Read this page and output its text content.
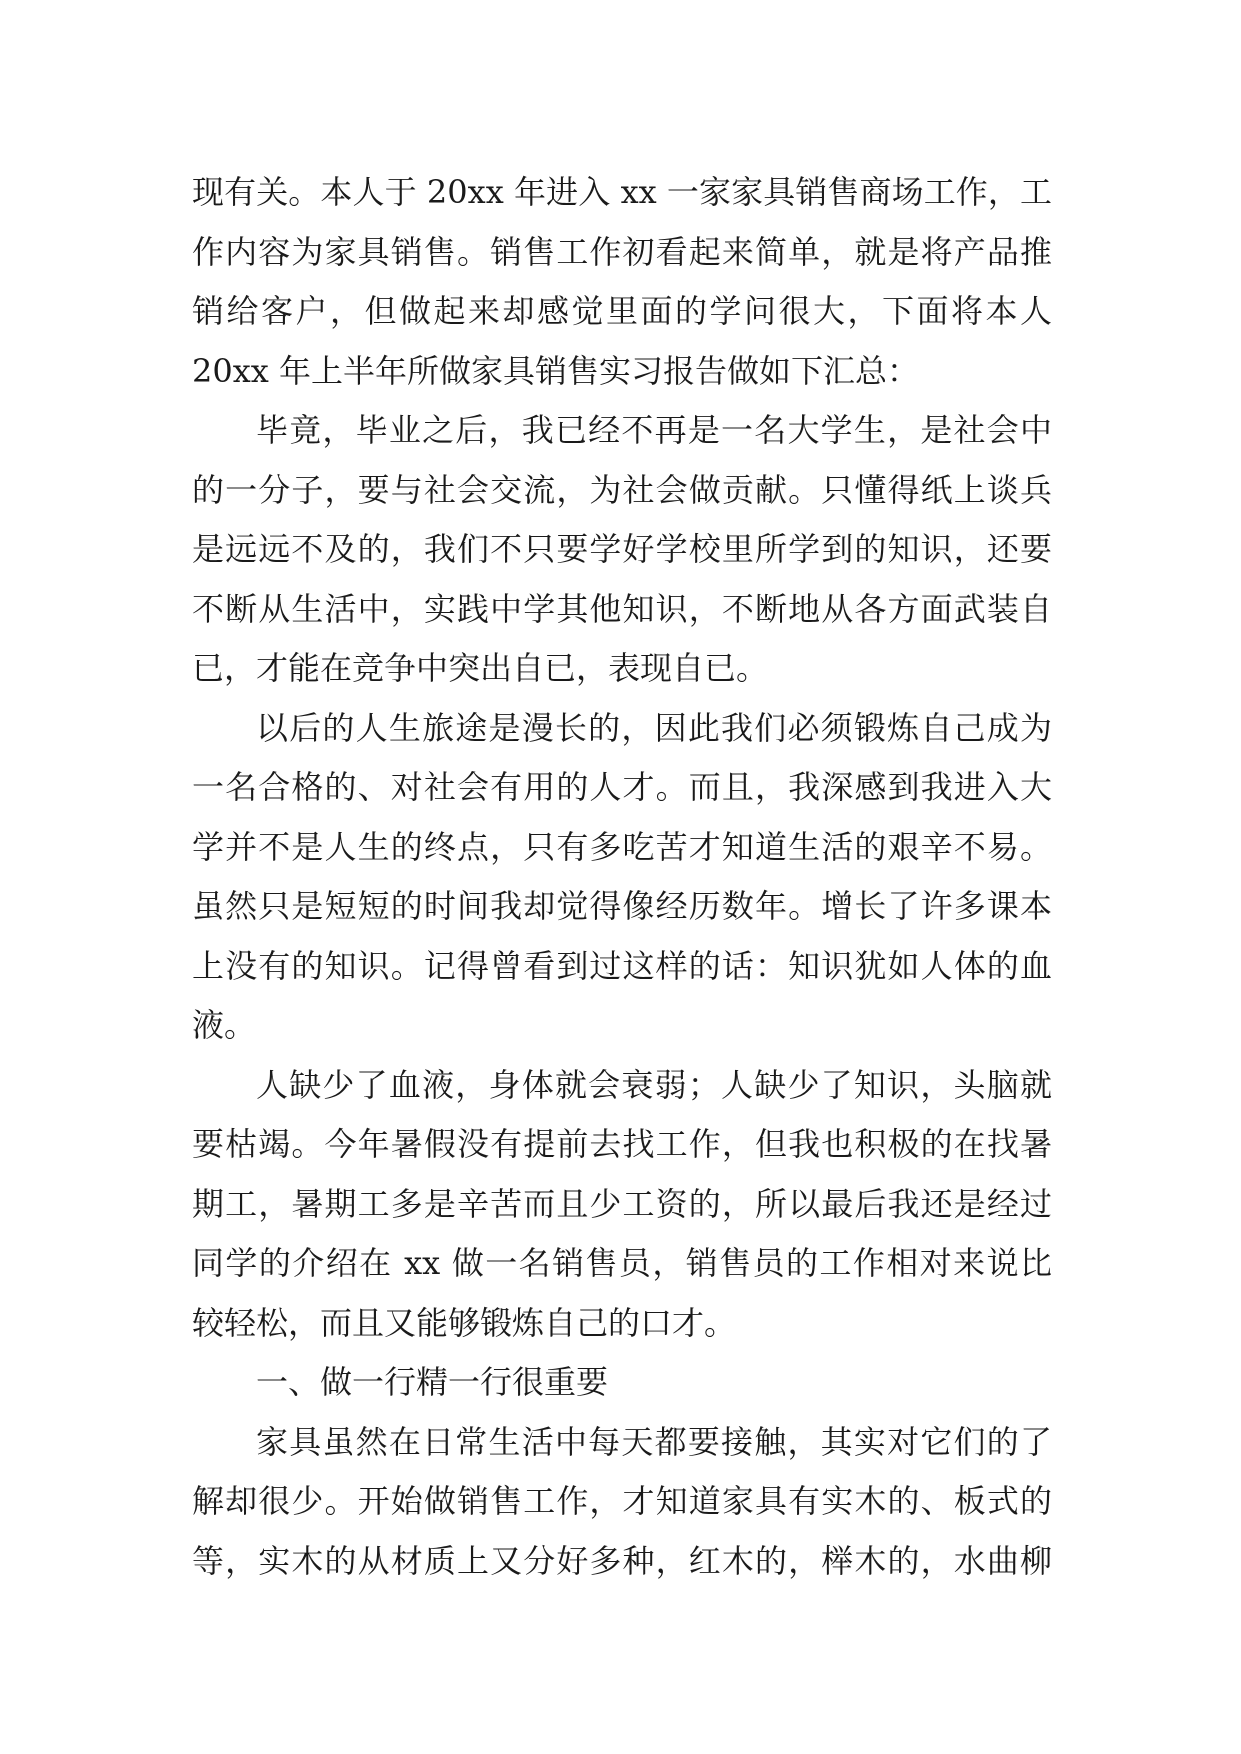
现有关。本人于 20xx 年进入 xx 一家家具销售商场工作，工
作内容为家具销售。销售工作初看起来简单，就是将产品推
销给客户，但做起来却感觉里面的学问很大，下面将本人
20xx 年上半年所做家具销售实习报告做如下汇总：
毕竟，毕业之后，我已经不再是一名大学生，是社会中
的一分子，要与社会交流，为社会做贡献。只懂得纸上谈兵
是远远不及的，我们不只要学好学校里所学到的知识，还要
不断从生活中，实践中学其他知识，不断地从各方面武装自
已，才能在竞争中突出自已，表现自已。
以后的人生旅途是漫长的，因此我们必须锻炼自己成为
一名合格的、对社会有用的人才。而且，我深感到我进入大
学并不是人生的终点，只有多吃苦才知道生活的艰辛不易。
虽然只是短短的时间我却觉得像经历数年。增长了许多课本
上没有的知识。记得曾看到过这样的话：知识犹如人体的血
液。
人缺少了血液，身体就会衰弱；人缺少了知识，头脑就
要枯竭。今年暑假没有提前去找工作，但我也积极的在找暑
期工，暑期工多是辛苦而且少工资的，所以最后我还是经过
同学的介绍在 xx 做一名销售员，销售员的工作相对来说比
较轻松，而且又能够锻炼自己的口才。
一、做一行精一行很重要
家具虽然在日常生活中每天都要接触，其实对它们的了
解却很少。开始做销售工作，才知道家具有实木的、板式的
等，实木的从材质上又分好多种，红木的，榉木的，水曲柳
